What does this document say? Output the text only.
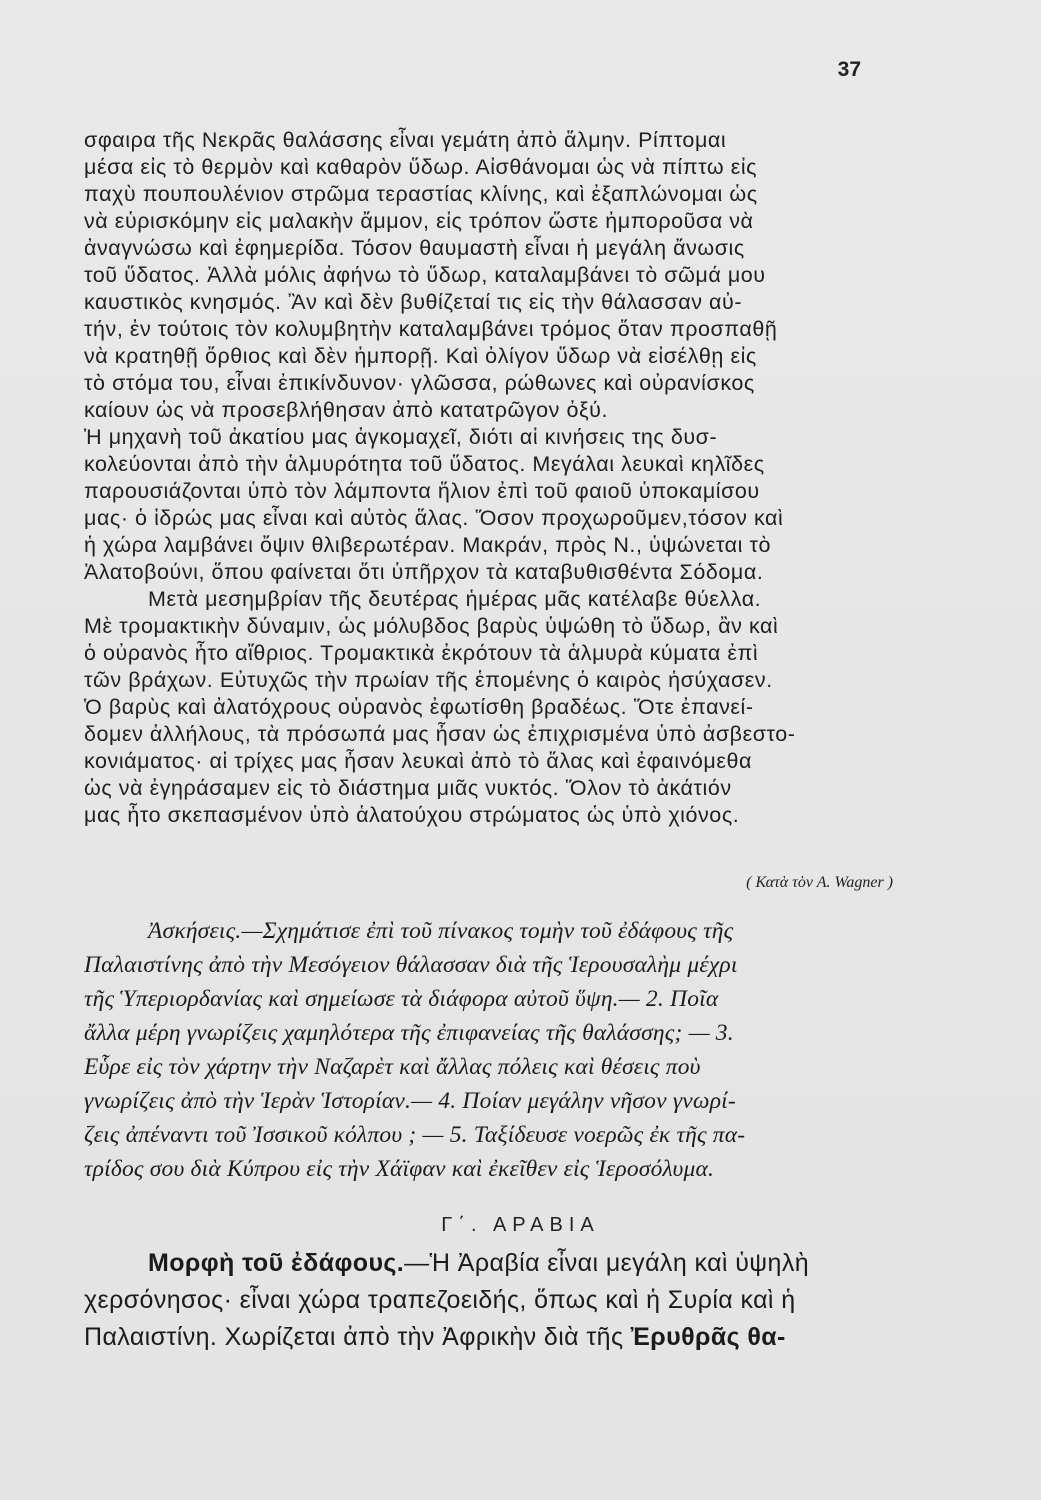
37
σφαιρα τῆς Νεκρᾶς θαλάσσης εἶναι γεμάτη ἀπὸ ἅλμην. Ρίπτομαι
μέσα εἰς τὸ θερμὸν καὶ καθαρὸν ὕδωρ. Αἰσθάνομαι ὡς νὰ πίπτω εἰς
παχὺ πουπουλένιον στρῶμα τεραστίας κλίνης, καὶ ἐξαπλώνομαι ὡς
νὰ εὑρισκόμην εἰς μαλακὴν ἄμμον, εἰς τρόπον ὥστε ἠμποροῦσα νὰ
ἀναγνώσω καὶ ἐφημερίδα. Τόσον θαυμαστὴ εἶναι ἡ μεγάλη ἄνωσις
τοῦ ὕδατος. Ἀλλὰ μόλις ἀφήνω τὸ ὕδωρ, καταλαμβάνει τὸ σῶμά μου
καυστικὸς κνησμός. Ἂν καὶ δὲν βυθίζεταί τις εἰς τὴν θάλασσαν αὐ-
τήν, ἐν τούτοις τὸν κολυμβητὴν καταλαμβάνει τρόμος ὅταν προσπαθῇ
νὰ κρατηθῇ ὄρθιος καὶ δὲν ἠμπορῇ. Καὶ ὀλίγον ὕδωρ νὰ εἰσέλθῃ εἰς
τὸ στόμα του, εἶναι ἐπικίνδυνον· γλῶσσα, ρώθωνες καὶ οὐρανίσκος
καίουν ὡς νὰ προσεβλήθησαν ἀπὸ κατατρῶγον ὀξύ.
Ἡ μηχανὴ τοῦ ἀκατίου μας ἀγκομαχεῖ, διότι αἱ κινήσεις της δυσ-
κολεύονται ἀπὸ τὴν ἁλμυρότητα τοῦ ὕδατος. Μεγάλαι λευκαὶ κηλῖδες
παρουσιάζονται ὑπὸ τὸν λάμποντα ἥλιον ἐπὶ τοῦ φαιοῦ ὑποκαμίσου
μας· ὁ ἱδρώς μας εἶναι καὶ αὐτὸς ἅλας. Ὅσον προχωροῦμεν,τόσον καὶ
ἡ χώρα λαμβάνει ὄψιν θλιβερωτέραν. Μακράν, πρὸς Ν., ὑψώνεται τὸ
Ἁλατοβούνι, ὅπου φαίνεται ὅτι ὑπῆρχον τὰ καταβυθισθέντα Σόδομα.
Μετὰ μεσημβρίαν τῆς δευτέρας ἡμέρας μᾶς κατέλαβε θύελλα.
Μὲ τρομακτικὴν δύναμιν, ὡς μόλυβδος βαρὺς ὑψώθη τὸ ὕδωρ, ἂν καὶ
ὁ οὐρανὸς ἦτο αἴθριος. Τρομακτικὰ ἐκρότουν τὰ ἁλμυρὰ κύματα ἐπὶ
τῶν βράχων. Εὐτυχῶς τὴν πρωίαν τῆς ἑπομένης ὁ καιρὸς ἡσύχασεν.
Ὁ βαρὺς καὶ ἀλατόχρους οὐρανὸς ἐφωτίσθη βραδέως. Ὅτε ἐπανεί-
δομεν ἀλλήλους, τὰ πρόσωπά μας ἦσαν ὡς ἐπιχρισμένα ὑπὸ ἀσβεστο-
κονιάματος· αἱ τρίχες μας ἦσαν λευκαὶ ἀπὸ τὸ ἅλας καὶ ἐφαινόμεθα
ὡς νὰ ἐγηράσαμεν εἰς τὸ διάστημα μιᾶς νυκτός. Ὅλον τὸ ἀκάτιόν
μας ἦτο σκεπασμένον ὑπὸ ἁλατούχου στρώματος ὡς ὑπὸ χιόνος.
( Κατὰ τὸν Α. Wagner )
Ἀσκήσεις.—Σχημάτισε ἐπὶ τοῦ πίνακος τομὴν τοῦ ἐδάφους τῆς
Παλαιστίνης ἀπὸ τὴν Μεσόγειον θάλασσαν διὰ τῆς Ἱερουσαλὴμ μέχρι
τῆς Ὑπεριορδανίας καὶ σημείωσε τὰ διάφορα αὐτοῦ ὕψη.— 2. Ποῖα
ἄλλα μέρη γνωρίζεις χαμηλότερα τῆς ἐπιφανείας τῆς θαλάσσης; — 3.
Εὗρε εἰς τὸν χάρτην τὴν Ναζαρὲτ καὶ ἄλλας πόλεις καὶ θέσεις ποὺ
γνωρίζεις ἀπὸ τὴν Ἱερὰν Ἱστορίαν.— 4. Ποίαν μεγάλην νῆσον γνωρί-
ζεις ἀπέναντι τοῦ Ἰσσικοῦ κόλπου ; — 5. Ταξίδευσε νοερῶς ἐκ τῆς πα-
τρίδος σου διὰ Κύπρου εἰς τὴν Χάϊφαν καὶ ἐκεῖθεν εἰς Ἱεροσόλυμα.
Γ΄. ΑΡΑΒΙΑ
Μορφὴ τοῦ ἐδάφους.—Ἡ Ἀραβία εἶναι μεγάλη καὶ ὑψηλὴ
χερσόνησος· εἶναι χώρα τραπεζοειδής, ὅπως καὶ ἡ Συρία καὶ ἡ
Παλαιστίνη. Χωρίζεται ἀπὸ τὴν Ἀφρικὴν διὰ τῆς Ἐρυθρᾶς θα-
